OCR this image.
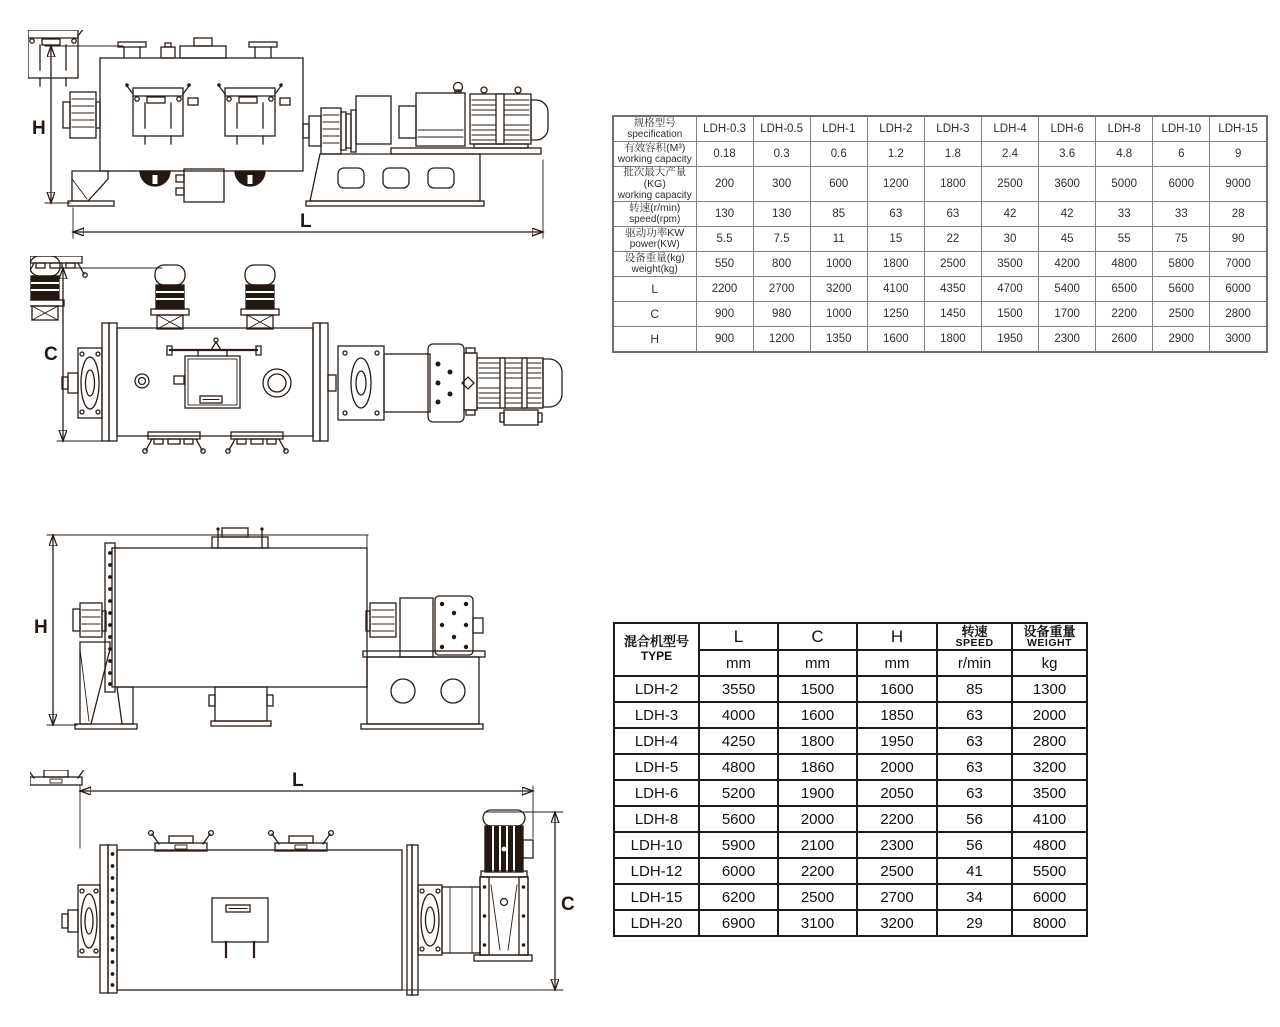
H
L
C
H
L
C
规格型号
specification	LDH-0.3	LDH-0.5	LDH-1	LDH-2	LDH-3	LDH-4	LDH-6	LDH-8	LDH-10	LDH-15

有效容积(M³)
working capacity	0.18	0.3	0.6	1.2	1.8	2.4	3.6	4.8	6	9

批次最大产量(KG)
working capacity	200	300	600	1200	1800	2500	3600	5000	6000	9000

转速(r/min)
speed(rpm)	130	130	85	63	63	42	42	33	33	28

驱动功率KW
power(KW)	5.5	7.5	11	15	22	30	45	55	75	90

设备重量(kg)
weight(kg)	550	800	1000	1800	2500	3500	4200	4800	5800	7000

L	2200	2700	3200	4100	4350	4700	5400	6500	5600	6000

C	900	980	1000	1250	1450	1500	1700	2200	2500	2800

H	900	1200	1350	1600	1800	1950	2300	2600	2900	3000
混合机型号
TYPE

L	C	H	转速
SPEED

设备重量
WEIGHT

	mm	mm	mm	r/min	kg
LDH-2	3550	1500	1600	85	1300
LDH-3	4000	1600	1850	63	2000
LDH-4	4250	1800	1950	63	2800
LDH-5	4800	1860	2000	63	3200
LDH-6	5200	1900	2050	63	3500
LDH-8	5600	2000	2200	56	4100
LDH-10	5900	2100	2300	56	4800
LDH-12	6000	2200	2500	41	5500
LDH-15	6200	2500	2700	34	6000
LDH-20	6900	3100	3200	29	8000
